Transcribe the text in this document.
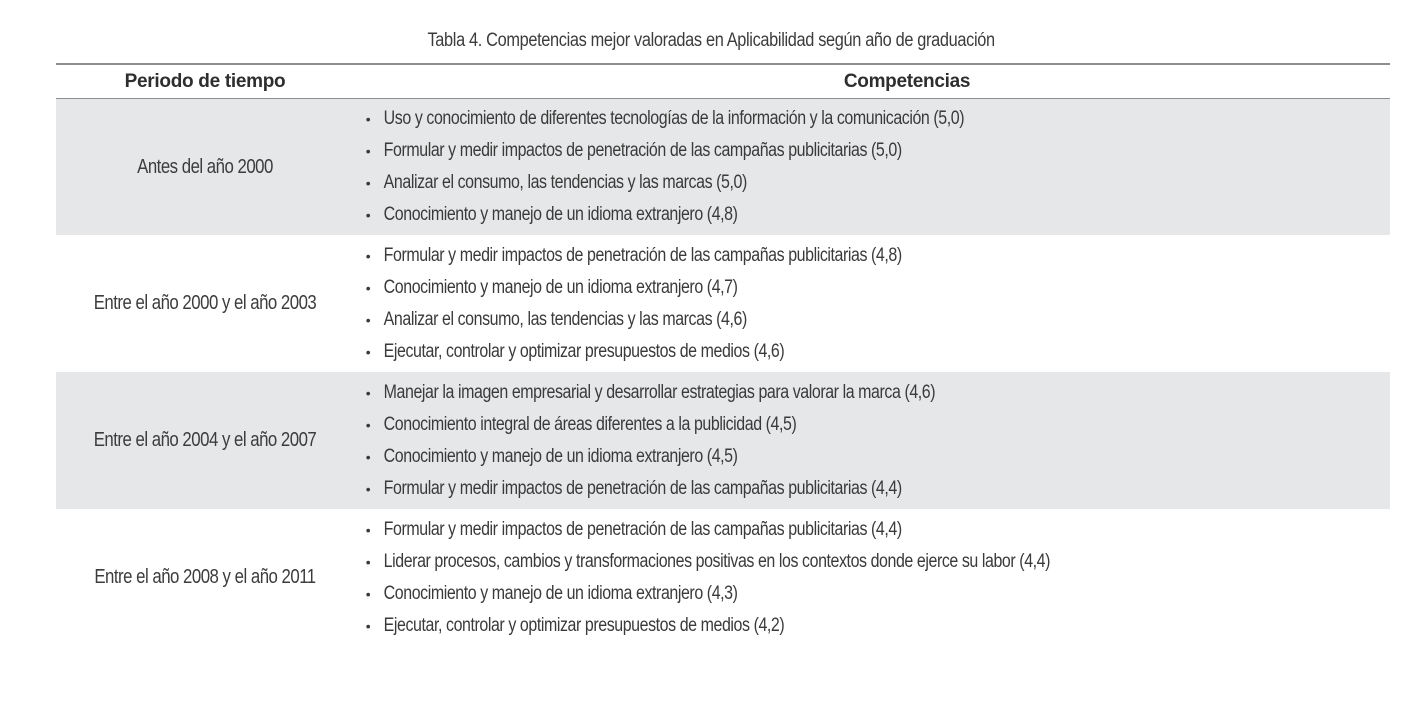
Tabla 4. Competencias mejor valoradas en Aplicabilidad según año de graduación
Periodo de tiempo	Competencias
Antes del año 2000
• Uso y conocimiento de diferentes tecnologías de la información y la comunicación (5,0)
• Formular y medir impactos de penetración de las campañas publicitarias (5,0)
• Analizar el consumo, las tendencias y las marcas (5,0)
• Conocimiento y manejo de un idioma extranjero (4,8)
Entre el año 2000 y el año 2003
• Formular y medir impactos de penetración de las campañas publicitarias (4,8)
• Conocimiento y manejo de un idioma extranjero (4,7)
• Analizar el consumo, las tendencias y las marcas (4,6)
• Ejecutar, controlar y optimizar presupuestos de medios (4,6)
Entre el año 2004 y el año 2007
• Manejar la imagen empresarial y desarrollar estrategias para valorar la marca (4,6)
• Conocimiento integral de áreas diferentes a la publicidad (4,5)
• Conocimiento y manejo de un idioma extranjero (4,5)
• Formular y medir impactos de penetración de las campañas publicitarias (4,4)
Entre el año 2008 y el año 2011
• Formular y medir impactos de penetración de las campañas publicitarias (4,4)
• Liderar procesos, cambios y transformaciones positivas en los contextos donde ejerce su labor (4,4)
• Conocimiento y manejo de un idioma extranjero (4,3)
• Ejecutar, controlar y optimizar presupuestos de medios (4,2)
